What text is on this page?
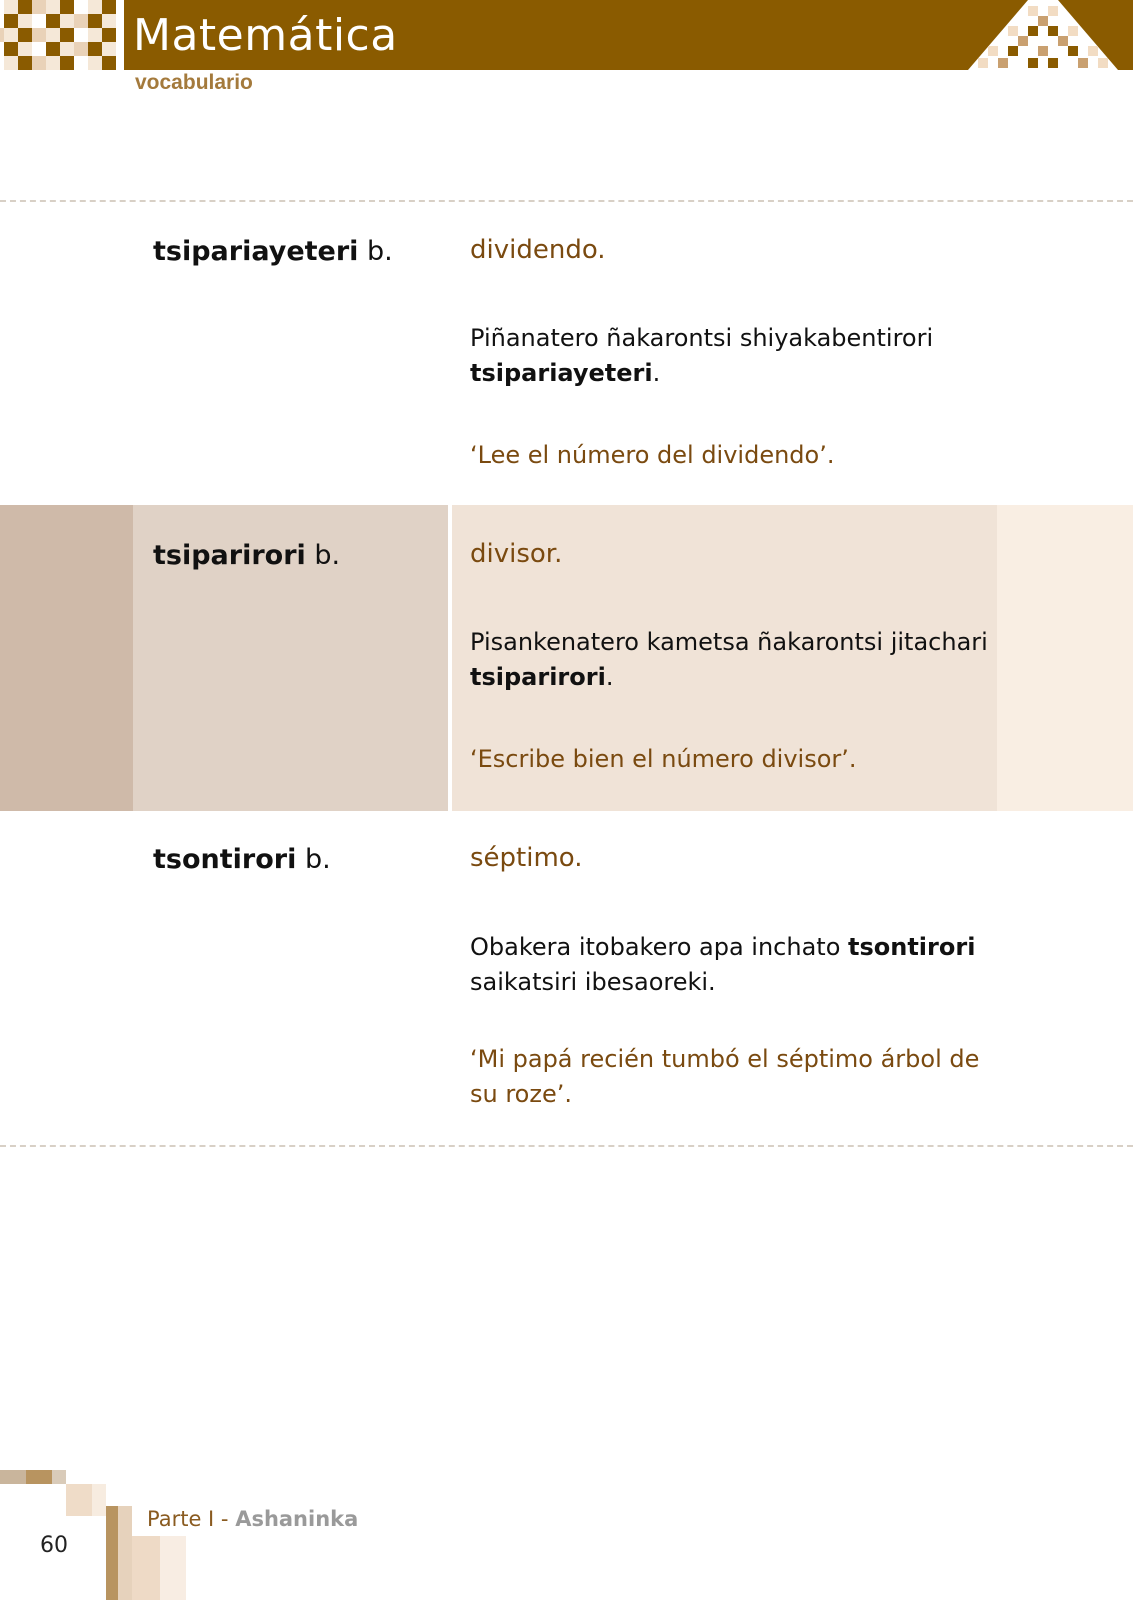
Matemática
vocabulario
tsipariayeteri b.	dividendo.
Piñanatero ñakarontsi shiyakabentirori tsipariayeteri.
‘Lee el número del dividendo’.
tsiparirori b.	divisor.
Pisankenatero kametsa ñakarontsi jitachari tsiparirori.
‘Escribe bien el número divisor’.
tsontirori b.	séptimo.
Obakera itobakero apa inchato tsontirori saikatsiri ibesaoreki.
‘Mi papá recién tumbó el séptimo árbol de su roze’.
60
Parte I - Ashaninka
